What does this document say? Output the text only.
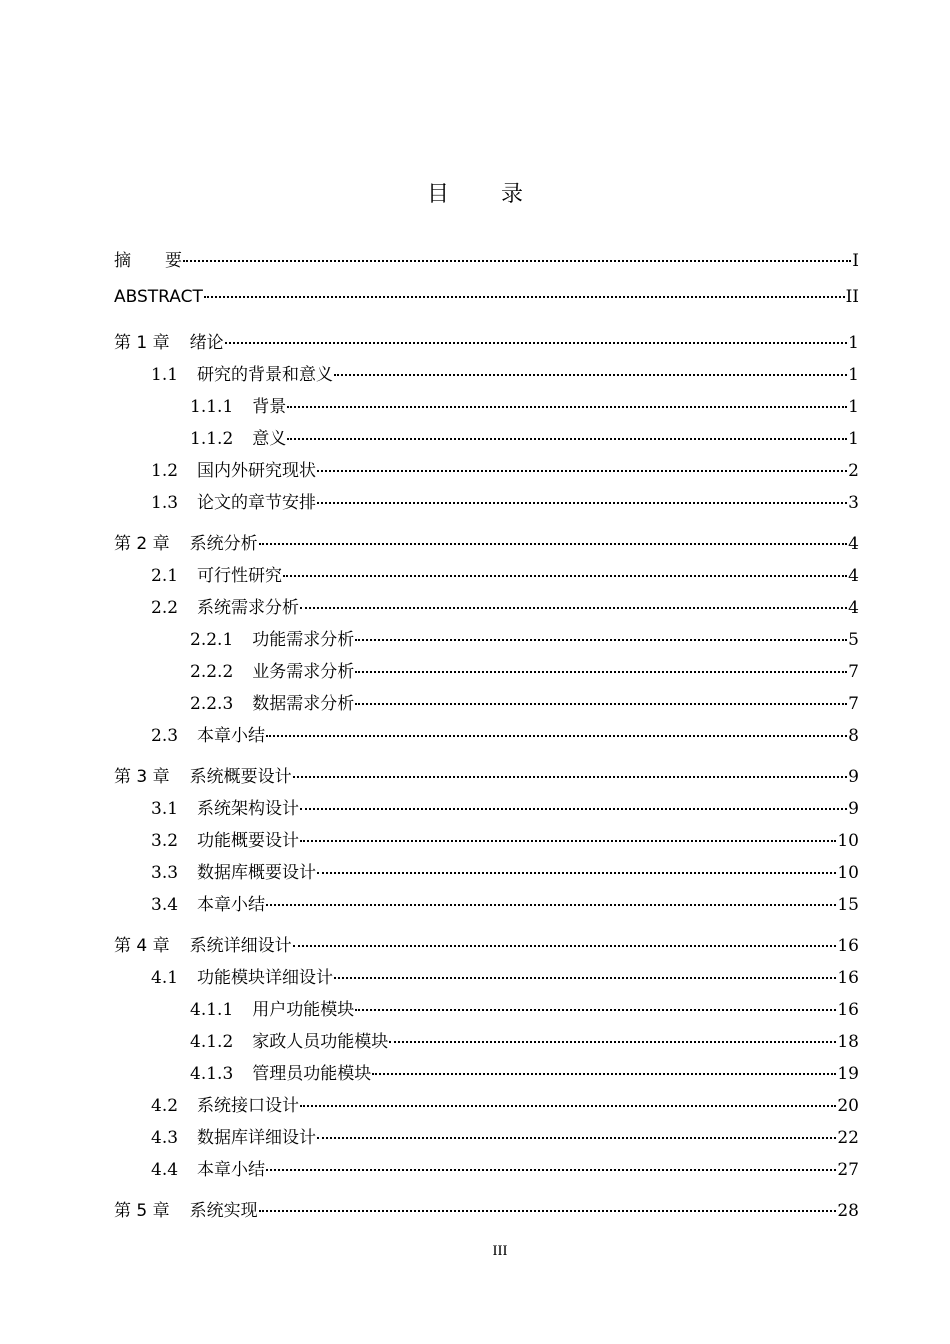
目录
摘　　要	I
ABSTRACT	II
第 1 章 绪论	1
1.1 研究的背景和意义	1
1.1.1 背景	1
1.1.2 意义	1
1.2 国内外研究现状	2
1.3 论文的章节安排	3
第 2 章 系统分析	4
2.1 可行性研究	4
2.2 系统需求分析	4
2.2.1 功能需求分析	5
2.2.2 业务需求分析	7
2.2.3 数据需求分析	7
2.3 本章小结	8
第 3 章 系统概要设计	9
3.1 系统架构设计	9
3.2 功能概要设计	10
3.3 数据库概要设计	10
3.4 本章小结	15
第 4 章 系统详细设计	16
4.1 功能模块详细设计	16
4.1.1 用户功能模块	16
4.1.2 家政人员功能模块	18
4.1.3 管理员功能模块	19
4.2 系统接口设计	20
4.3 数据库详细设计	22
4.4 本章小结	27
第 5 章 系统实现	28
III
